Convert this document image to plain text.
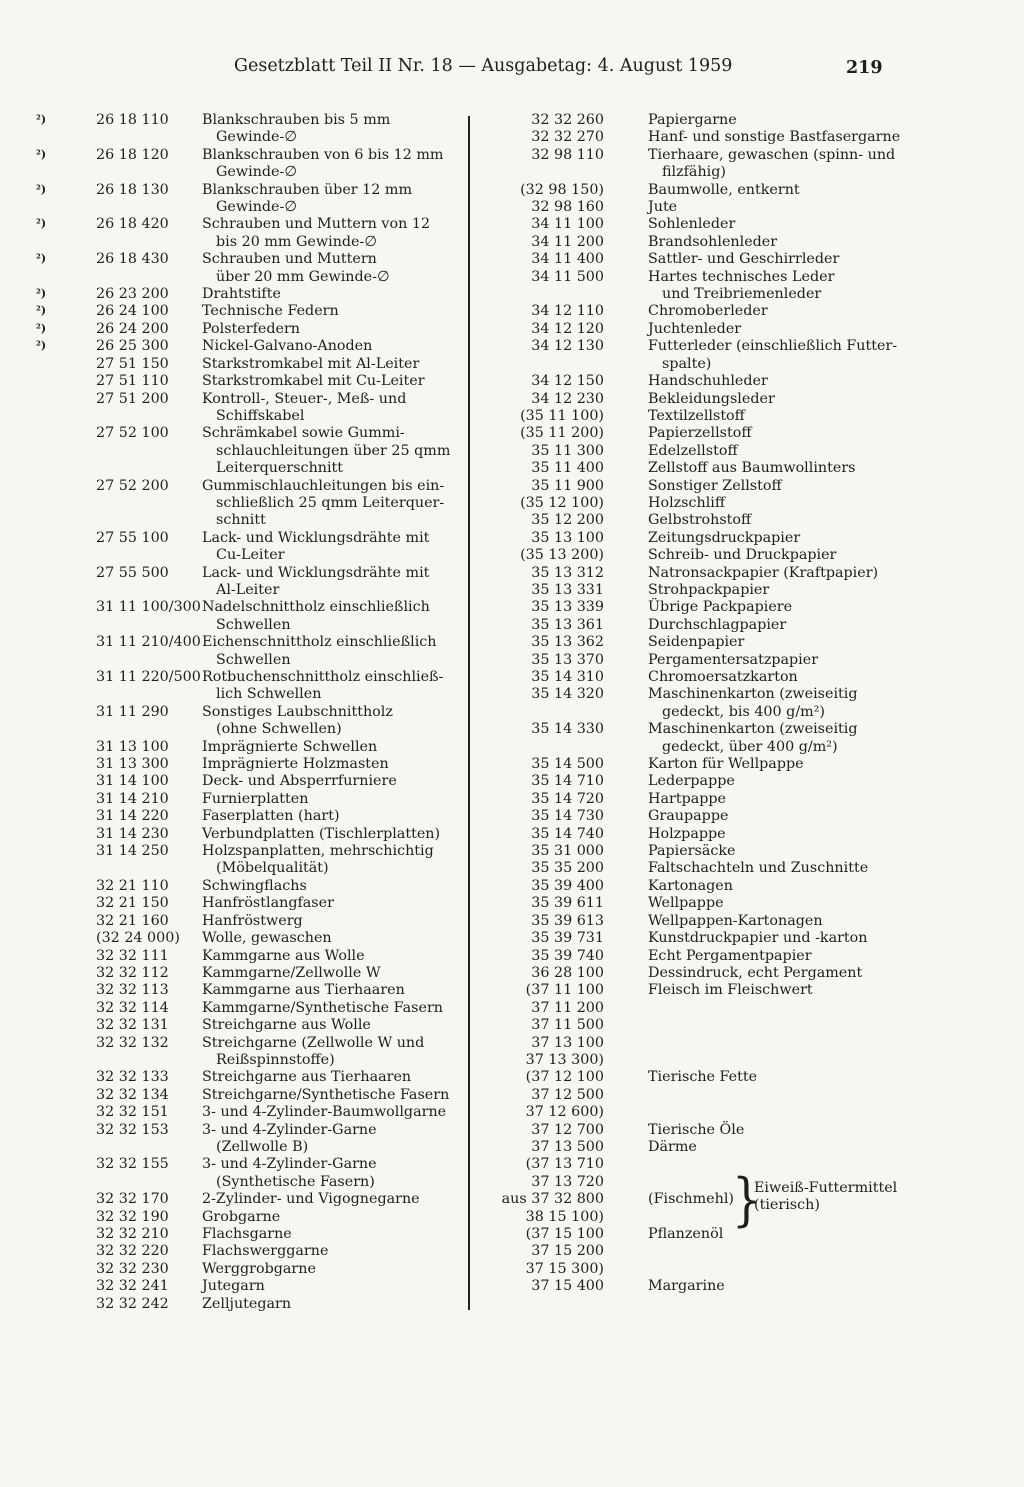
Gesetzblatt Teil II Nr. 18 — Ausgabetag: 4. August 1959	219
²)	26 18 110 Blankschrauben bis 5 mm
Gewinde-∅
²)	26 18 120 Blankschrauben von 6 bis 12 mm
Gewinde-∅
²)	26 18 130 Blankschrauben über 12 mm
Gewinde-∅
²)	26 18 420 Schrauben und Muttern von 12
bis 20 mm Gewinde-∅
²)	26 18 430 Schrauben und Muttern
über 20 mm Gewinde-∅
²)	26 23 200 Drahtstifte
²)	26 24 100 Technische Federn
²)	26 24 200 Polsterfedern
²)	26 25 300 Nickel-Galvano-Anoden
27 51 150 Starkstromkabel mit Al-Leiter
27 51 110 Starkstromkabel mit Cu-Leiter
27 51 200 Kontroll-, Steuer-, Meß- und
Schiffskabel
27 52 100 Schrämkabel sowie Gummi-
schlauchleitungen über 25 qmm
Leiterquerschnitt
27 52 200 Gummischlauchleitungen bis ein-
schließlich 25 qmm Leiterquer-
schnitt
27 55 100 Lack- und Wicklungsdrähte mit
Cu-Leiter
27 55 500 Lack- und Wicklungsdrähte mit
Al-Leiter
31 11 100/300 Nadelschnittholz einschließlich
Schwellen
31 11 210/400 Eichenschnittholz einschließlich
Schwellen
31 11 220/500 Rotbuchenschnittholz einschließ-
lich Schwellen
31 11 290 Sonstiges Laubschnittholz
(ohne Schwellen)
31 13 100 Imprägnierte Schwellen
31 13 300 Imprägnierte Holzmasten
31 14 100 Deck- und Absperrfurniere
31 14 210 Furnierplatten
31 14 220 Faserplatten (hart)
31 14 230 Verbundplatten (Tischlerplatten)
31 14 250 Holzspanplatten, mehrschichtig
(Möbelqualität)
32 21 110 Schwingflachs
32 21 150 Hanfröstlangfaser
32 21 160 Hanfröstwerg
(32 24 000) Wolle, gewaschen
32 32 111 Kammgarne aus Wolle
32 32 112 Kammgarne/Zellwolle W
32 32 113 Kammgarne aus Tierhaaren
32 32 114 Kammgarne/Synthetische Fasern
32 32 131 Streichgarne aus Wolle
32 32 132 Streichgarne (Zellwolle W und
Reißspinnstoffe)
32 32 133 Streichgarne aus Tierhaaren
32 32 134 Streichgarne/Synthetische Fasern
32 32 151 3- und 4-Zylinder-Baumwollgarne
32 32 153 3- und 4-Zylinder-Garne
(Zellwolle B)
32 32 155 3- und 4-Zylinder-Garne
(Synthetische Fasern)
32 32 170 2-Zylinder- und Vigognegarne
32 32 190 Grobgarne
32 32 210 Flachsgarne
32 32 220 Flachswerggarne
32 32 230 Werggrobgarne
32 32 241 Jutegarn
32 32 242 Zelljutegarn
32 32 260	Papiergarne
32 32 270	Hanf- und sonstige Bastfasergarne
32 98 110	Tierhaare, gewaschen (spinn- und
filzfähig)
(32 98 150)	Baumwolle, entkernt
32 98 160	Jute
34 11 100	Sohlenleder
34 11 200	Brandsohlenleder
34 11 400	Sattler- und Geschirrleder
34 11 500	Hartes technisches Leder
und Treibriemenleder
34 12 110	Chromoberleder
34 12 120	Juchtenleder
34 12 130	Futterleder (einschließlich Futter-
spalte)
34 12 150	Handschuhleder
34 12 230	Bekleidungsleder
(35 11 100)	Textilzellstoff
(35 11 200)	Papierzellstoff
35 11 300	Edelzellstoff
35 11 400	Zellstoff aus Baumwollinters
35 11 900	Sonstiger Zellstoff
(35 12 100)	Holzschliff
35 12 200	Gelbstrohstoff
35 13 100	Zeitungsdruckpapier
(35 13 200)	Schreib- und Druckpapier
35 13 312	Natronsackpapier (Kraftpapier)
35 13 331	Strohpackpapier
35 13 339	Übrige Packpapiere
35 13 361	Durchschlagpapier
35 13 362	Seidenpapier
35 13 370	Pergamentersatzpapier
35 14 310	Chromoersatzkarton
35 14 320	Maschinenkarton (zweiseitig
gedeckt, bis 400 g/m²)
35 14 330	Maschinenkarton (zweiseitig
gedeckt, über 400 g/m²)
35 14 500	Karton für Wellpappe
35 14 710	Lederpappe
35 14 720	Hartpappe
35 14 730	Graupappe
35 14 740	Holzpappe
35 31 000	Papiersäcke
35 35 200	Faltschachteln und Zuschnitte
35 39 400	Kartonagen
35 39 611	Wellpappe
35 39 613	Wellpappen-Kartonagen
35 39 731	Kunstdruckpapier und -karton
35 39 740	Echt Pergamentpapier
36 28 100	Dessindruck, echt Pergament
(37 11 100	Fleisch im Fleischwert
37 11 200

37 11 500

37 13 100

37 13 300)

(37 12 100	Tierische Fette
37 12 500

37 12 600)

37 12 700	Tierische Öle
37 13 500	Därme
(37 13 710

37 13 720

aus 37 32 800	(Fischmehl)
38 15 100)

(37 15 100	Pflanzenöl
37 15 200

37 15 300)

37 15 400	Margarine
}
Eiweiß-Futtermittel
(tierisch)
